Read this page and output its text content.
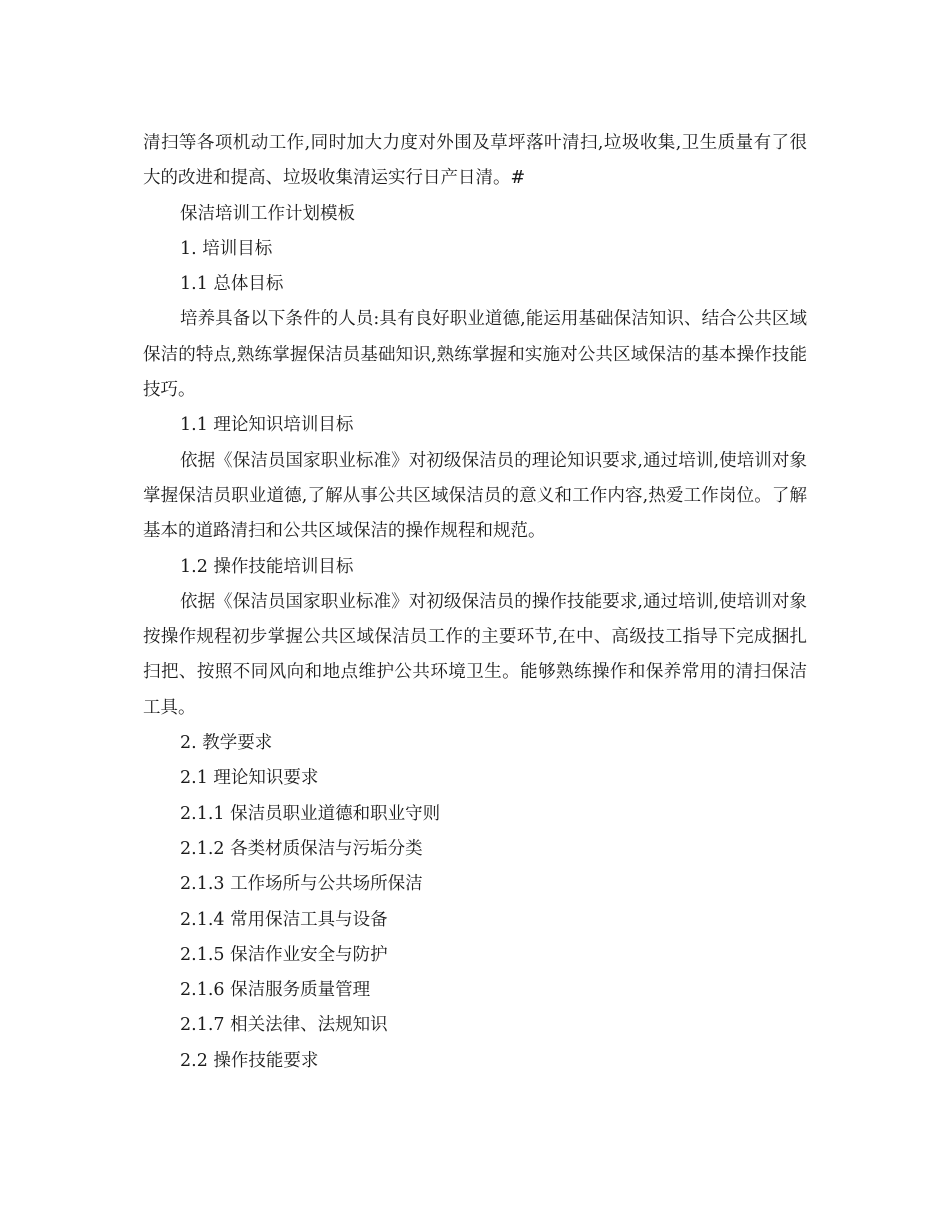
清扫等各项机动工作,同时加大力度对外围及草坪落叶清扫,垃圾收集,卫生质量有了很大的改进和提高、垃圾收集清运实行日产日清。#

保洁培训工作计划模板

1. 培训目标

1.1 总体目标

培养具备以下条件的人员:具有良好职业道德,能运用基础保洁知识、结合公共区域保洁的特点,熟练掌握保洁员基础知识,熟练掌握和实施对公共区域保洁的基本操作技能技巧。

1.1 理论知识培训目标

依据《保洁员国家职业标准》对初级保洁员的理论知识要求,通过培训,使培训对象掌握保洁员职业道德,了解从事公共区域保洁员的意义和工作内容,热爱工作岗位。了解基本的道路清扫和公共区域保洁的操作规程和规范。

1.2 操作技能培训目标

依据《保洁员国家职业标准》对初级保洁员的操作技能要求,通过培训,使培训对象按操作规程初步掌握公共区域保洁员工作的主要环节,在中、高级技工指导下完成捆扎扫把、按照不同风向和地点维护公共环境卫生。能够熟练操作和保养常用的清扫保洁工具。

2. 教学要求

2.1 理论知识要求

2.1.1 保洁员职业道德和职业守则

2.1.2 各类材质保洁与污垢分类

2.1.3 工作场所与公共场所保洁

2.1.4 常用保洁工具与设备

2.1.5 保洁作业安全与防护

2.1.6 保洁服务质量管理

2.1.7 相关法律、法规知识

2.2 操作技能要求
